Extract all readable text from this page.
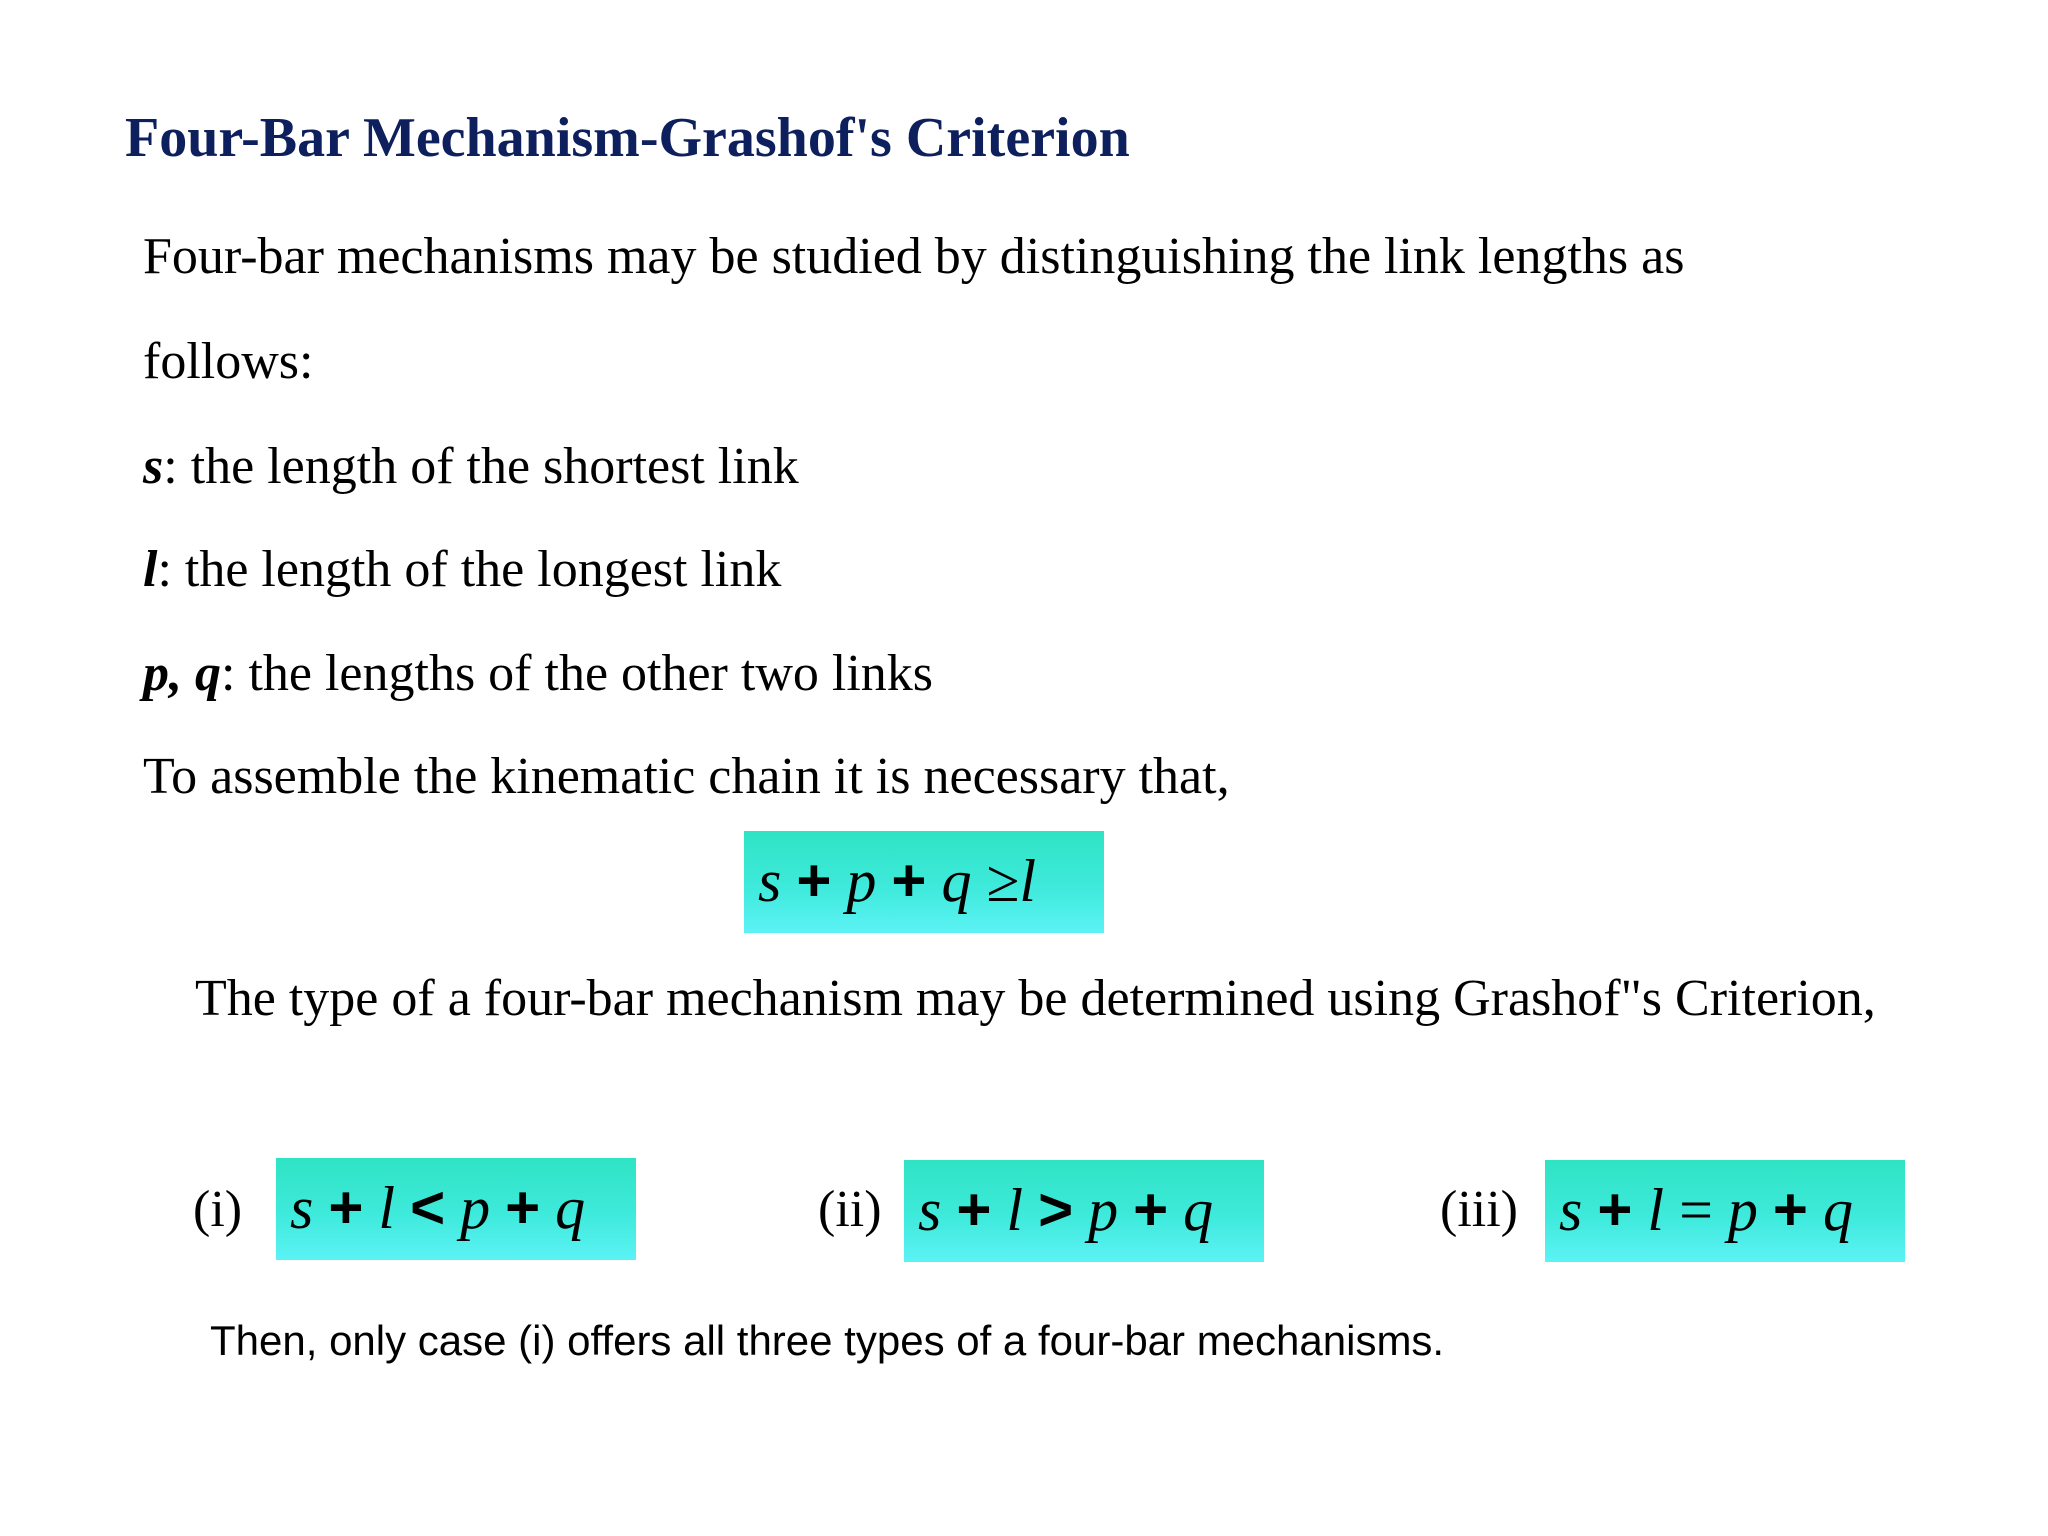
Four-Bar Mechanism-Grashof's Criterion
Four-bar mechanisms may be studied by distinguishing the link lengths as
follows:
s: the length of the shortest link
l: the length of the longest link
p, q: the lengths of the other two links
To assemble the kinematic chain it is necessary that,
s + p + q ≥l
The type of a four-bar mechanism may be determined using Grashof"s Criterion,
(i) s + l < p + q	(ii) s + l > p + q	(iii) s + l = p + q
Then, only case (i) offers all three types of a four-bar mechanisms.
